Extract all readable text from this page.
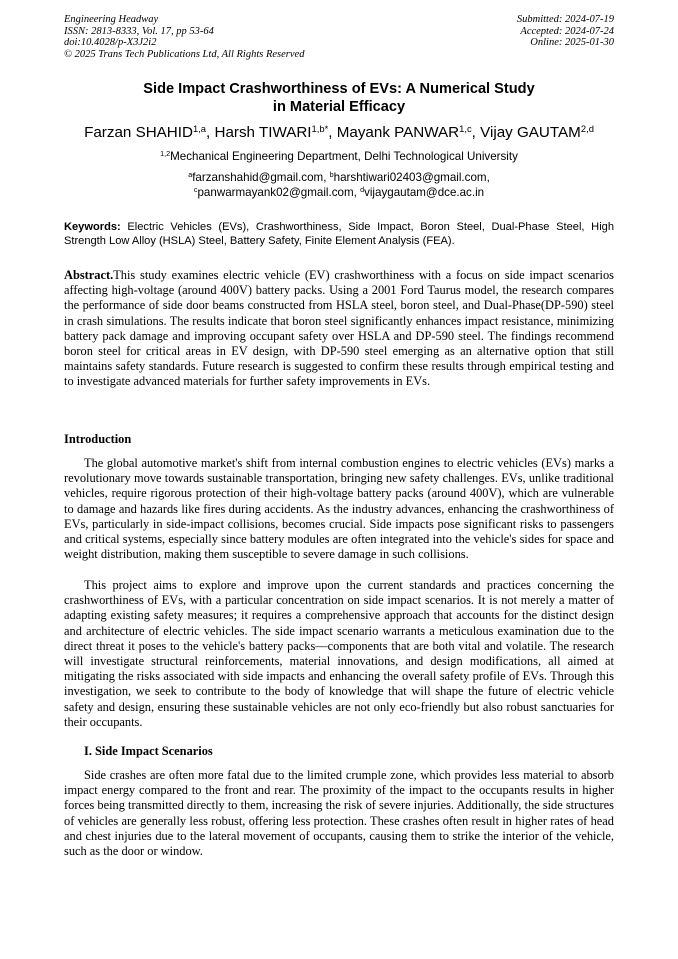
Engineering Headway
ISSN: 2813-8333, Vol. 17, pp 53-64
doi:10.4028/p-X3J2i2
© 2025 Trans Tech Publications Ltd, All Rights Reserved
Submitted: 2024-07-19
Accepted: 2024-07-24
Online: 2025-01-30
Side Impact Crashworthiness of EVs: A Numerical Study
in Material Efficacy
Farzan SHAHID$^{1,a}$, Harsh $TIWARI^{1,b*}$, Mayank PANWAR$^{1,c}$, Vijay GAUTAM$^{2,d}$
$^{1,2}$Mechanical Engineering Department, Delhi Technological University
$^a$farzanshahid@gmail.com, $^b$harshtiwari02403@gmail.com,
$^c$panwarmayank02@gmail.com, $^d$vijaygautam@dce.ac.in
Keywords: Electric Vehicles (EVs), Crashworthiness, Side Impact, Boron Steel, Dual-Phase Steel, High Strength Low Alloy (HSLA) Steel, Battery Safety, Finite Element Analysis (FEA).
Abstract.This study examines electric vehicle (EV) crashworthiness with a focus on side impact scenarios affecting high-voltage (around 400V) battery packs. Using a 2001 Ford Taurus model, the research compares the performance of side door beams constructed from HSLA steel, boron steel, and Dual-Phase(DP-590) steel in crash simulations. The results indicate that boron steel significantly enhances impact resistance, minimizing battery pack damage and improving occupant safety over HSLA and DP-590 steel. The findings recommend boron steel for critical areas in EV design, with DP-590 steel emerging as an alternative option that still maintains safety standards. Future research is suggested to confirm these results through empirical testing and to investigate advanced materials for further safety improvements in EVs.
Introduction
The global automotive market's shift from internal combustion engines to electric vehicles (EVs) marks a revolutionary move towards sustainable transportation, bringing new safety challenges. EVs, unlike traditional vehicles, require rigorous protection of their high-voltage battery packs (around 400V), which are vulnerable to damage and hazards like fires during accidents. As the industry advances, enhancing the crashworthiness of EVs, particularly in side-impact collisions, becomes crucial. Side impacts pose significant risks to passengers and critical systems, especially since battery modules are often integrated into the vehicle's sides for space and weight distribution, making them susceptible to severe damage in such collisions.
This project aims to explore and improve upon the current standards and practices concerning the crashworthiness of EVs, with a particular concentration on side impact scenarios. It is not merely a matter of adapting existing safety measures; it requires a comprehensive approach that accounts for the distinct design and architecture of electric vehicles. The side impact scenario warrants a meticulous examination due to the direct threat it poses to the vehicle's battery packs—components that are both vital and volatile. The research will investigate structural reinforcements, material innovations, and design modifications, all aimed at mitigating the risks associated with side impacts and enhancing the overall safety profile of EVs. Through this investigation, we seek to contribute to the body of knowledge that will shape the future of electric vehicle safety and design, ensuring these sustainable vehicles are not only eco-friendly but also robust sanctuaries for their occupants.
I. Side Impact Scenarios
Side crashes are often more fatal due to the limited crumple zone, which provides less material to absorb impact energy compared to the front and rear. The proximity of the impact to the occupants results in higher forces being transmitted directly to them, increasing the risk of severe injuries. Additionally, the side structures of vehicles are generally less robust, offering less protection. These crashes often result in higher rates of head and chest injuries due to the lateral movement of occupants, causing them to strike the interior of the vehicle, such as the door or window.
